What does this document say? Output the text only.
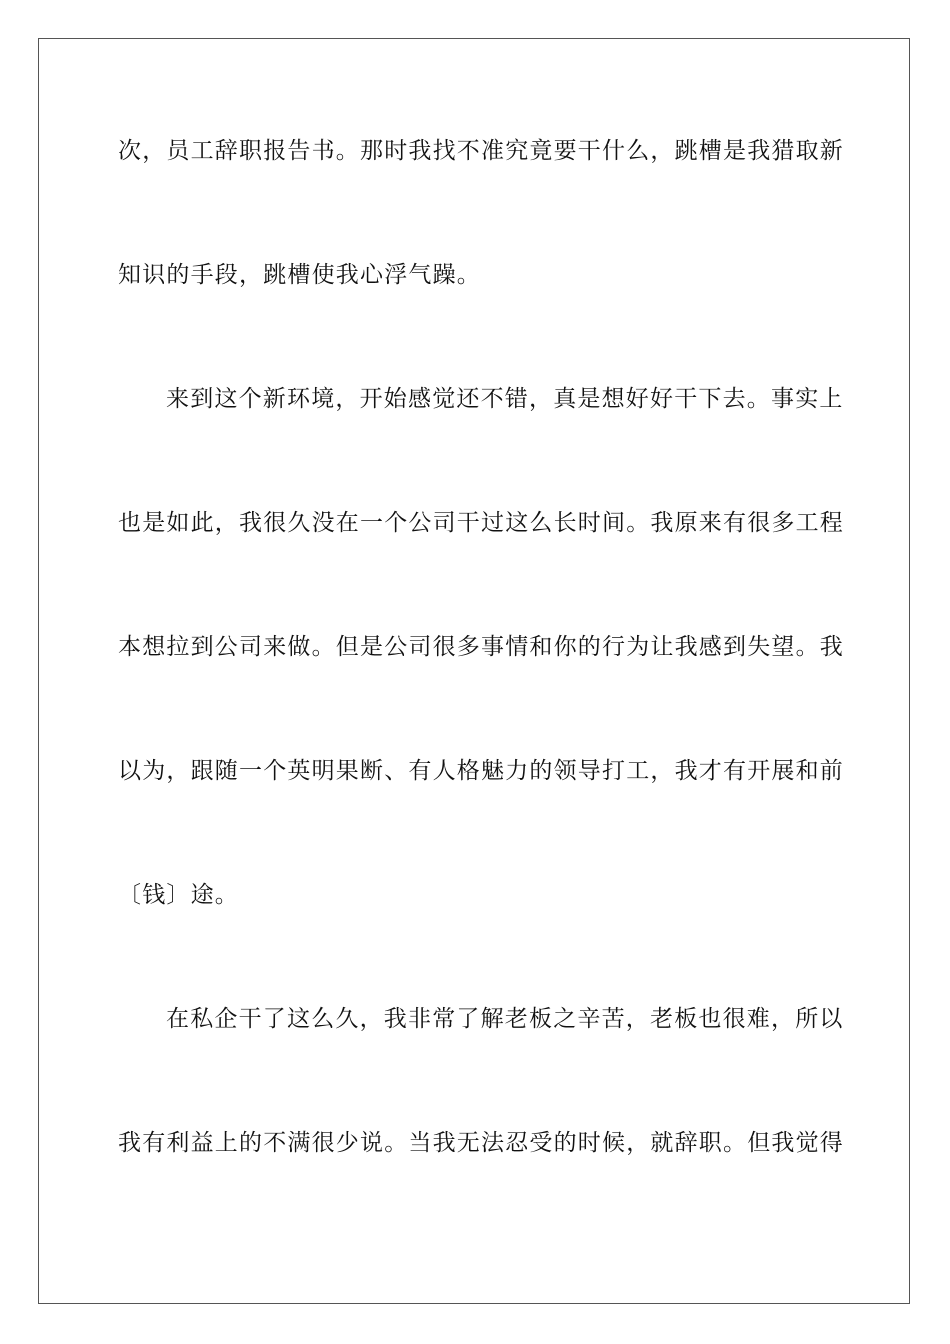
次，员工辞职报告书。那时我找不准究竟要干什么，跳槽是我猎取新
知识的手段，跳槽使我心浮气躁。
来到这个新环境，开始感觉还不错，真是想好好干下去。事实上
也是如此，我很久没在一个公司干过这么长时间。我原来有很多工程
本想拉到公司来做。但是公司很多事情和你的行为让我感到失望。我
以为，跟随一个英明果断、有人格魅力的领导打工，我才有开展和前
〔钱〕途。
在私企干了这么久，我非常了解老板之辛苦，老板也很难，所以
我有利益上的不满很少说。当我无法忍受的时候，就辞职。但我觉得
